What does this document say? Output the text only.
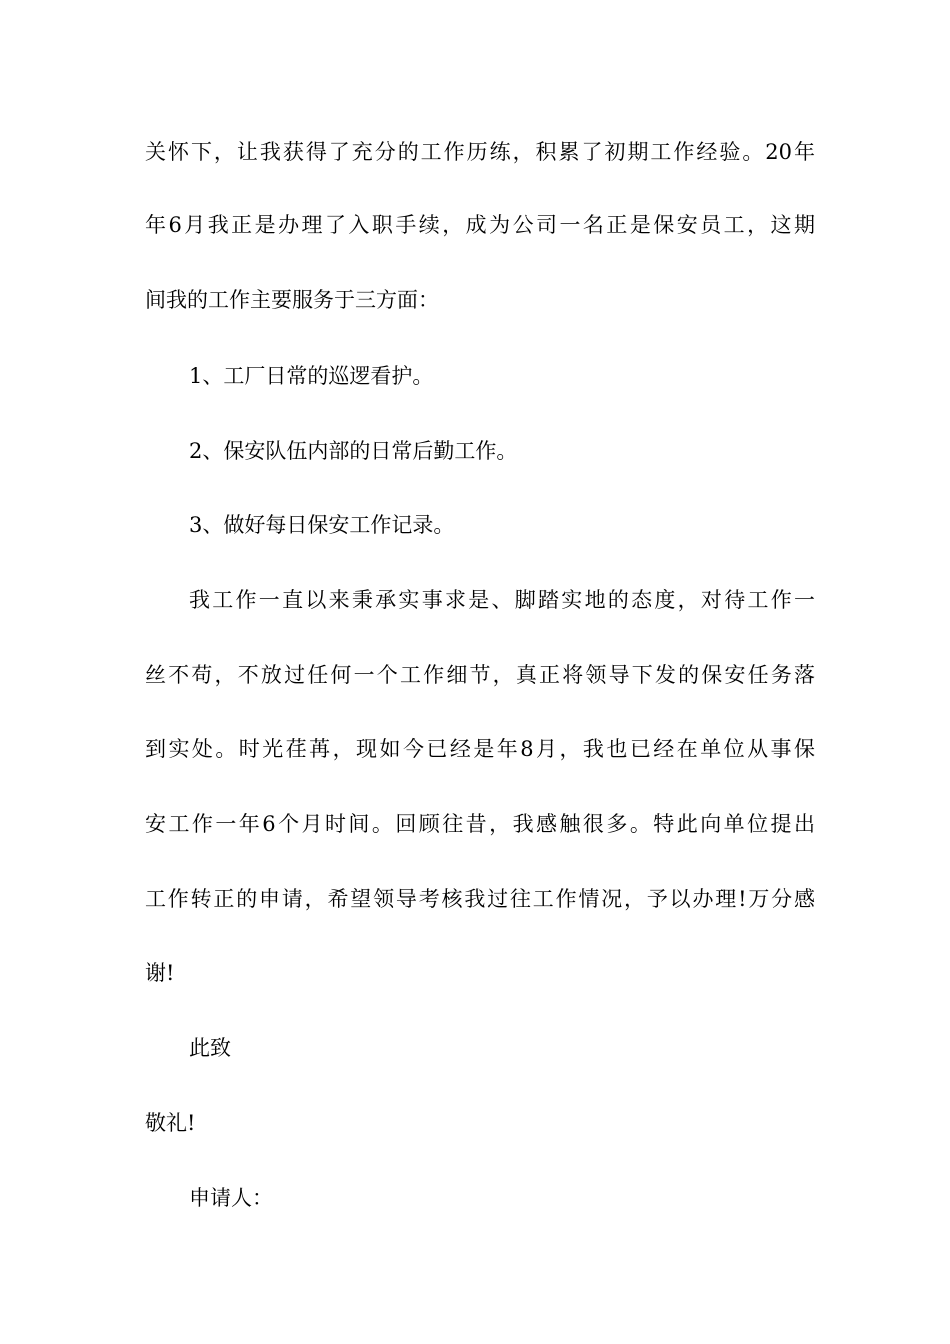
关怀下，让我获得了充分的工作历练，积累了初期工作经验。20年
年6月我正是办理了入职手续，成为公司一名正是保安员工，这期
间我的工作主要服务于三方面：
1、工厂日常的巡逻看护。
2、保安队伍内部的日常后勤工作。
3、做好每日保安工作记录。
我工作一直以来秉承实事求是、脚踏实地的态度，对待工作一
丝不苟，不放过任何一个工作细节，真正将领导下发的保安任务落
到实处。时光荏苒，现如今已经是年8月，我也已经在单位从事保
安工作一年6个月时间。回顾往昔，我感触很多。特此向单位提出
工作转正的申请，希望领导考核我过往工作情况，予以办理!万分感
谢!
此致
敬礼!
申请人：
